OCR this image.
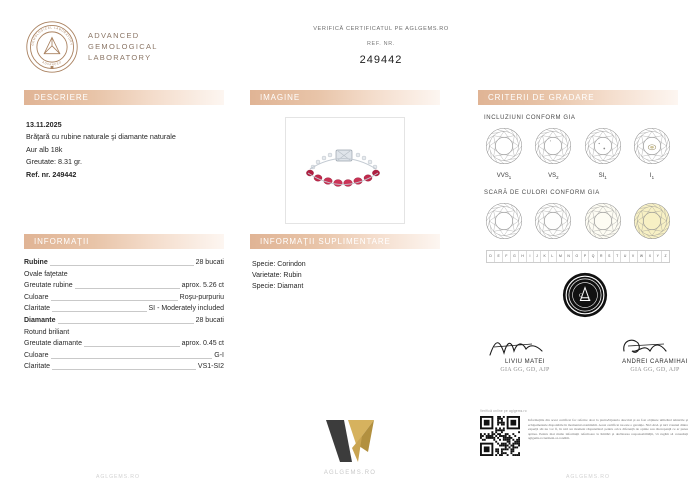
GEMOLOGICAL LABORATORY
ADVANCED
ADVANCED
GEMOLOGICAL
LABORATORY
VERIFICĂ CERTIFICATUL PE AGLGEMS.RO
REF. NR.
249442
DESCRIERE
13.11.2025
Brăţară cu rubine naturale şi diamante naturale
Aur alb 18k
Greutate: 8.31 gr.
Ref. nr. 249442
INFORMAŢII
Rubine	28 bucati
Ovale faţetate
Greutate rubine	aprox. 5.26 ct
Culoare	Roşu-purpuriu
Claritate	SI - Moderately included
Diamante	28 bucati
Rotund briliant
Greutate diamante	aprox. 0.45 ct
Culoare	G-I
Claritate	VS1-SI2
IMAGINE
INFORMAŢII SUPLIMENTARE
Specie: Corindon
Varietate: Rubin
Specie: Diamant
CRITERII DE GRADARE
INCLUZIUNI CONFORM GIA
$VVS_1$	$VS_2$	$SI_1$	$I_1$
SCARĂ DE CULORI CONFORM GIA
D	E	F	G	H	I	J	K	L	M	N	O	P	Q	R	S	T	U	V	W	X	Y	Z
G
L
LIVIU MATEI
GIA GG, GD, AJP
ANDREI CARAMIHAI
GIA GG, GD, AJP
Verifică online pe aglgems.ro
Informaţiile din acest certificat fac referire doar la piatra/bijuteria descrisă şi au fost obţinute utilizând tehnicile şi echipamentele disponibile în momentul examinării. Acest certificat nu este o garanţie. Nici AGL şi nici vreunul dintre experţii săi nu vor fi, în nici un moment răspunzători pentru orice diferenţă de opinie sau discrepanţă ce ar putea apărea. Pentru mai multe informaţii referitoare la limitări şi declinarea responsabilităţii, vă rugăm să consultaţi aglgems.ro/termeni-si-conditii.
AGLGEMS.RO
AGLGEMS.RO	AGLGEMS.RO
